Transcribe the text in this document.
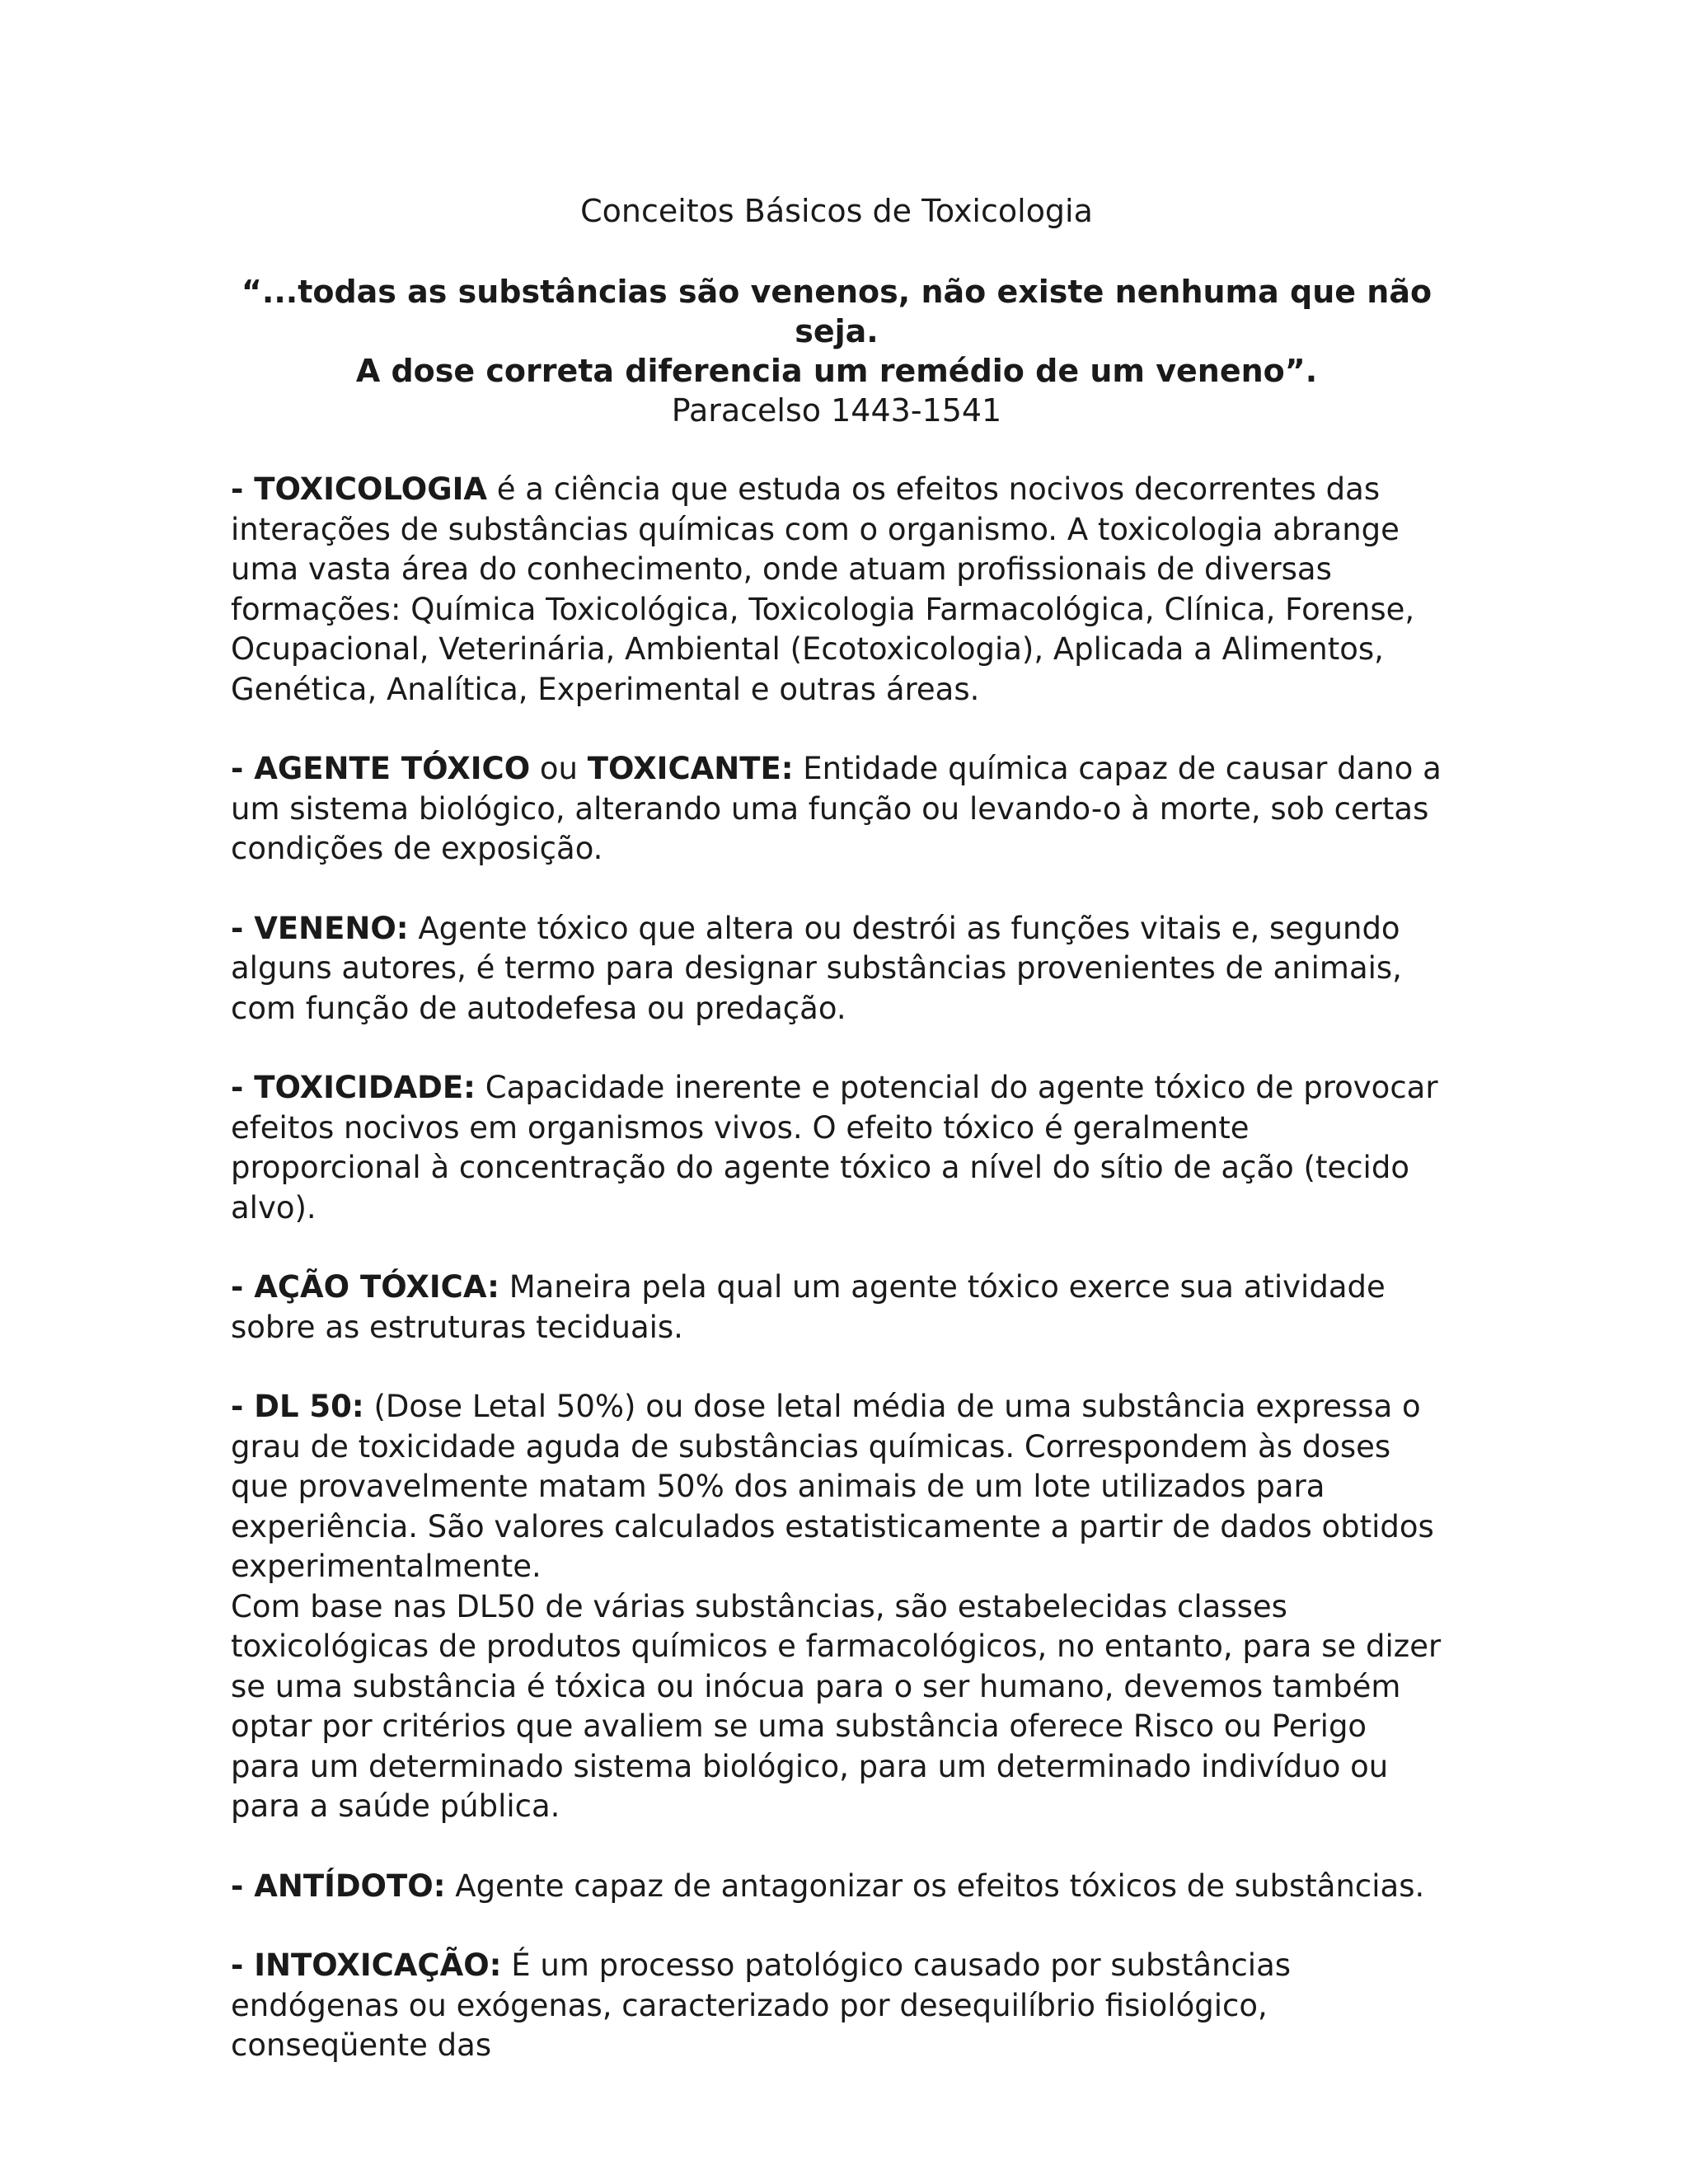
Conceitos Básicos de Toxicologia

“...todas as substâncias são venenos, não existe nenhuma que não seja.

A dose correta diferencia um remédio de um veneno”.

Paracelso 1443-1541

- TOXICOLOGIA é a ciência que estuda os efeitos nocivos decorrentes das interações de substâncias químicas com o organismo. A toxicologia abrange uma vasta área do conhecimento, onde atuam profissionais de diversas formações: Química Toxicológica, Toxicologia Farmacológica, Clínica, Forense, Ocupacional, Veterinária, Ambiental (Ecotoxicologia), Aplicada a Alimentos, Genética, Analítica, Experimental e outras áreas.

- AGENTE TÓXICO ou TOXICANTE: Entidade química capaz de causar dano a um sistema biológico, alterando uma função ou levando-o à morte, sob certas condições de exposição.

- VENENO: Agente tóxico que altera ou destrói as funções vitais e, segundo alguns autores, é termo para designar substâncias provenientes de animais, com função de autodefesa ou predação.

- TOXICIDADE: Capacidade inerente e potencial do agente tóxico de provocar efeitos nocivos em organismos vivos. O efeito tóxico é geralmente proporcional à concentração do agente tóxico a nível do sítio de ação (tecido alvo).

- AÇÃO TÓXICA: Maneira pela qual um agente tóxico exerce sua atividade sobre as estruturas teciduais.

- DL 50: (Dose Letal 50%) ou dose letal média de uma substância expressa o grau de toxicidade aguda de substâncias químicas. Correspondem às doses que provavelmente matam 50% dos animais de um lote utilizados para experiência. São valores calculados estatisticamente a partir de dados obtidos experimentalmente.

Com base nas DL50 de várias substâncias, são estabelecidas classes toxicológicas de produtos químicos e farmacológicos, no entanto, para se dizer se uma substância é tóxica ou inócua para o ser humano, devemos também optar por critérios que avaliem se uma substância oferece Risco ou Perigo para um determinado sistema biológico, para um determinado indivíduo ou para a saúde pública.

- ANTÍDOTO: Agente capaz de antagonizar os efeitos tóxicos de substâncias.

- INTOXICAÇÃO: É um processo patológico causado por substâncias endógenas ou exógenas, caracterizado por desequilíbrio fisiológico, conseqüente das
